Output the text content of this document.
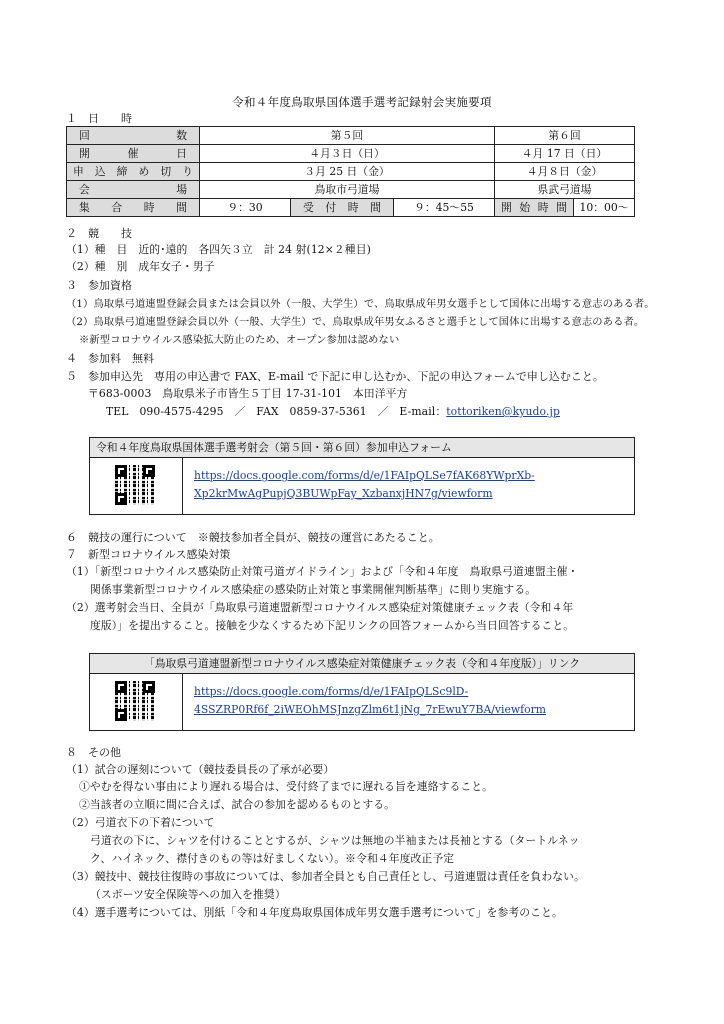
令和４年度鳥取県国体選手選考記録射会実施要項
１　日　　時
回　　数	第５回			第６回	
開　催　日	４月３日（日）			４月 17 日（日）	
申込締め切り	３月 25 日（金）			４月８日（金）	
会　　場	鳥取市弓道場			県武弓道場	
集合時間	９：30	受付時間	９：45～55	開始時間	10：00～
２　競　　技
（1）種　目　近的･遠的　各四矢３立　計 24 射(12×２種目)
（2）種　別　成年女子・男子
３　参加資格
（1）鳥取県弓道連盟登録会員または会員以外（一般、大学生）で、鳥取県成年男女選手として国体に出場する意志のある者。
（2）鳥取県弓道連盟登録会員以外（一般、大学生）で、鳥取県成年男女ふるさと選手として国体に出場する意志のある者。
※新型コロナウイルス感染拡大防止のため、オープン参加は認めない
４　参加料　無料
５　参加申込先　専用の申込書で FAX、E-mail で下記に申し込むか、下記の申込フォームで申し込むこと。
〒683-0003　鳥取県米子市皆生５丁目 17-31-101　本田洋平方
TEL　090-4575-4295　／　FAX　0859-37-5361　／　E-mail：tottoriken@kyudo.jp
令和４年度鳥取県国体選手選考射会（第５回・第６回）参加申込フォーム
https://docs.google.com/forms/d/e/1FAIpQLSe7fAK68YWprXb-
Xp2krMwAgPupjQ3BUWpFay_XzbanxjHN7g/viewform
６　競技の運行について　※競技参加者全員が、競技の運営にあたること。
７　新型コロナウイルス感染対策
（1）「新型コロナウイルス感染防止対策弓道ガイドライン」および「令和４年度　鳥取県弓道連盟主催・
関係事業新型コロナウイルス感染症の感染防止対策と事業開催判断基準」に則り実施する。
（2）選考射会当日、全員が「鳥取県弓道連盟新型コロナウイルス感染症対策健康チェック表（令和４年
度版）」を提出すること。接触を少なくするため下記リンクの回答フォームから当日回答すること。
「鳥取県弓道連盟新型コロナウイルス感染症対策健康チェック表（令和４年度版）」リンク
https://docs.google.com/forms/d/e/1FAIpQLSc9lD-
4SSZRP0Rf6f_2iWEOhMSJnzgZlm6t1jNg_7rEwuY7BA/viewform
８　その他
（1）試合の遅刻について（競技委員長の了承が必要）
①やむを得ない事由により遅れる場合は、受付終了までに遅れる旨を連絡すること。
②当該者の立順に間に合えば、試合の参加を認めるものとする。
（2）弓道衣下の下着について
弓道衣の下に、シャツを付けることとするが、シャツは無地の半袖または長袖とする（タートルネッ
ク、ハイネック、襟付きのもの等は好ましくない）。※令和４年度改正予定
（3）競技中、競技往復時の事故については、参加者全員とも自己責任とし、弓道連盟は責任を負わない。
（スポーツ安全保険等への加入を推奨）
（4）選手選考については、別紙「令和４年度鳥取県国体成年男女選手選考について」を参考のこと。
